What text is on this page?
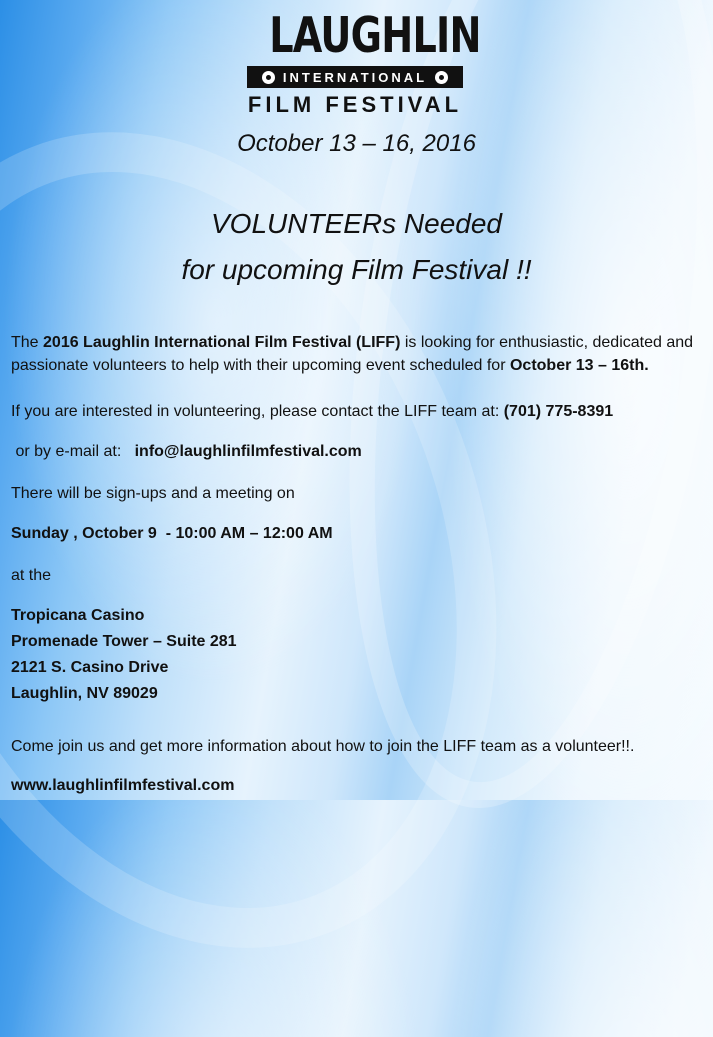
LAUGHLIN
INTERNATIONAL
FILM FESTIVAL
October 13 – 16, 2016
VOLUNTEERs Needed
for upcoming Film Festival !!

The 2016 Laughlin International Film Festival (LIFF) is looking for enthusiastic, dedicated and passionate volunteers to help with their upcoming event scheduled for October 13 – 16th.

If you are interested in volunteering, please contact the LIFF team at: (701) 775-8391

or by e-mail at:   info@laughlinfilmfestival.com

There will be sign-ups and a meeting on

Sunday , October 9  - 10:00 AM – 12:00 AM

at the

Tropicana Casino
Promenade Tower – Suite 281
2121 S. Casino Drive
Laughlin, NV 89029

Come join us and get more information about how to join the LIFF team as a volunteer!!.

www.laughlinfilmfestival.com
